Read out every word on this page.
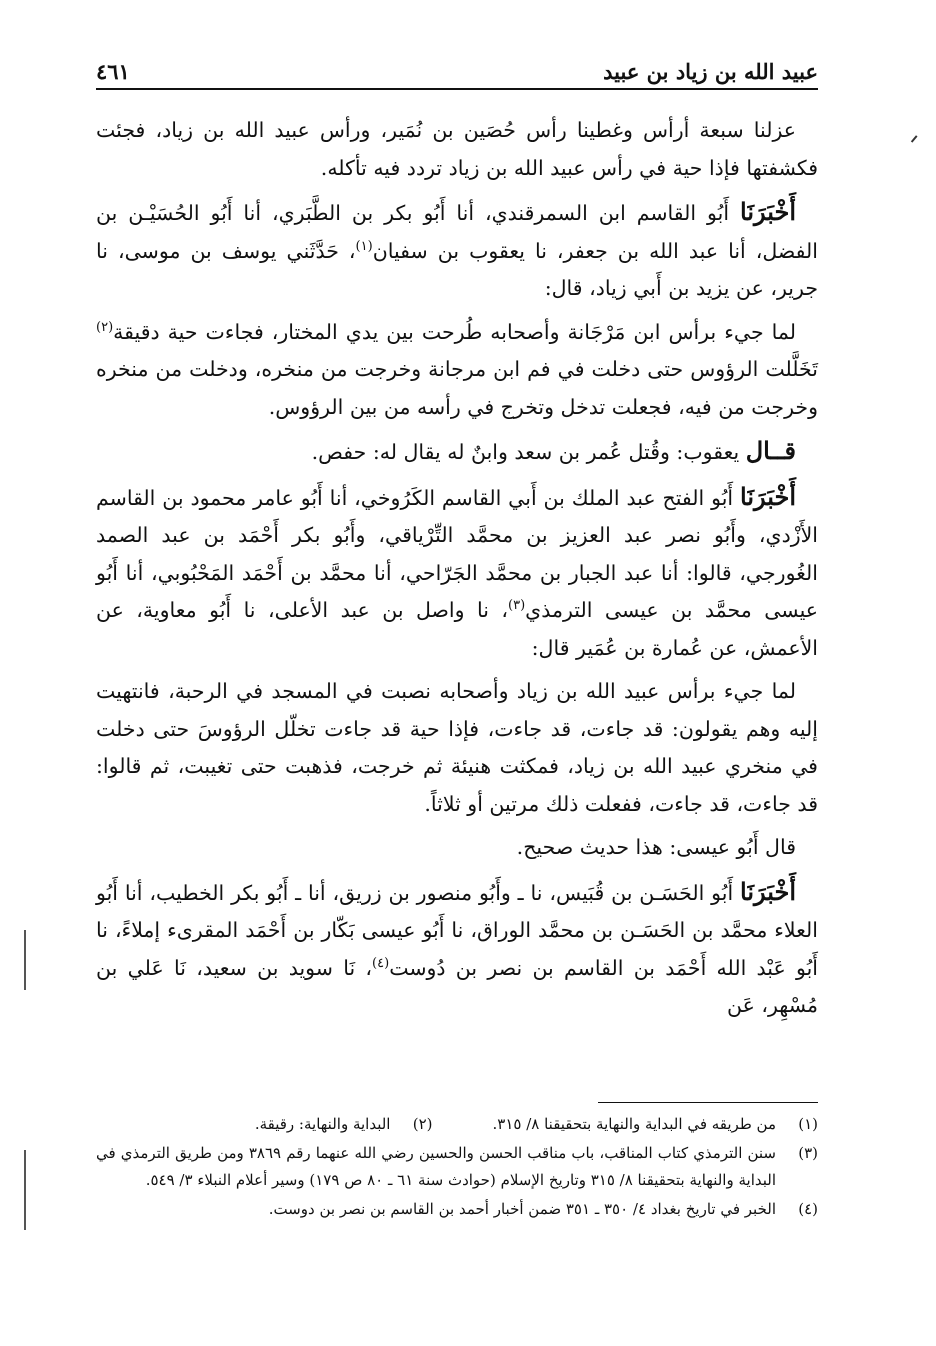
عبيد الله بن زياد بن عبيد
٤٦١

عزلنا سبعة أرأس وغطينا رأس حُصَين بن نُمَير، ورأس عبيد الله بن زياد، فجئت فكشفتها فإذا حية في رأس عبيد الله بن زياد تردد فيه تأكله.

أَخْبَرَنَا أَبُو القاسم ابن السمرقندي، أنا أَبُو بكر بن الطَّبَري، أنا أَبُو الحُسَيْـن بن الفضل، أنا عبد الله بن جعفر، نا يعقوب بن سفيان$^{(١)}$، حَدَّثَني يوسف بن موسى، نا جرير، عن يزيد بن أَبي زياد، قال:

لما جيء برأس ابن مَرْجَانة وأصحابه طُرحت بين يدي المختار، فجاءت حية دقيقة$^{(٢)}$ تَخَلَّلت الرؤوس حتى دخلت في فم ابن مرجانة وخرجت من منخره، ودخلت من منخره وخرجت من فيه، فجعلت تدخل وتخرج في رأسه من بين الرؤوس.

قــال يعقوب: وقُتل عُمر بن سعد وابنٌ له يقال له: حفص.

أَخْبَرَنَا أَبُو الفتح عبد الملك بن أَبي القاسم الكَرُوخي، أنا أَبُو عامر محمود بن القاسم الأَزْدي، وأَبُو نصر عبد العزيز بن محمَّد التِّرْياقي، وأَبُو بكر أَحْمَد بن عبد الصمد الغُورجي، قالوا: أنا عبد الجبار بن محمَّد الجَرّاحي، أنا محمَّد بن أَحْمَد المَحْبُوبي، أنا أَبُو عيسى محمَّد بن عيسى الترمذي$^{(٣)}$، نا واصل بن عبد الأعلى، نا أَبُو معاوية، عن الأعمش، عن عُمارة بن عُمَير قال:

لما جيء برأس عبيد الله بن زياد وأصحابه نصبت في المسجد في الرحبة، فانتهيت إليه وهم يقولون: قد جاءت، قد جاءت، فإذا حية قد جاءت تخلّل الرؤوسَ حتى دخلت في منخري عبيد الله بن زياد، فمكثت هنيئة ثم خرجت، فذهبت حتى تغيبت، ثم قالوا: قد جاءت، قد جاءت، ففعلت ذلك مرتين أو ثلاثاً.

قال أَبُو عيسى: هذا حديث صحيح.

أَخْبَرَنَا أَبُو الحَسَـن بن قُبَيس، نا ـ وأَبُو منصور بن زريق، أنا ـ أَبُو بكر الخطيب، أنا أَبُو العلاء محمَّد بن الحَسَـن بن محمَّد الوراق، نا أَبُو عيسى بَكّار بن أَحْمَد المقرىء إملاءً، نا أَبُو عَبْد الله أَحْمَد بن القاسم بن نصر بن دُوست$^{(٤)}$، نَا سويد بن سعيد، نَا عَلي بن مُسْهِر، عَن

(١)
من طريقه في البداية والنهاية بتحقيقنا ٨/ ٣١٥.
(٢)
البداية والنهاية: رقيقة.
(٣)
سنن الترمذي كتاب المناقب، باب مناقب الحسن والحسين رضي الله عنهما رقم ٣٨٦٩ ومن طريق الترمذي في البداية والنهاية بتحقيقنا ٨/ ٣١٥ وتاريخ الإسلام (حوادث سنة ٦١ ـ ٨٠ ص ١٧٩) وسير أعلام النبلاء ٣/ ٥٤٩.
(٤)
الخبر في تاريخ بغداد ٤/ ٣٥٠ ـ ٣٥١ ضمن أخبار أحمد بن القاسم بن نصر بن دوست.
